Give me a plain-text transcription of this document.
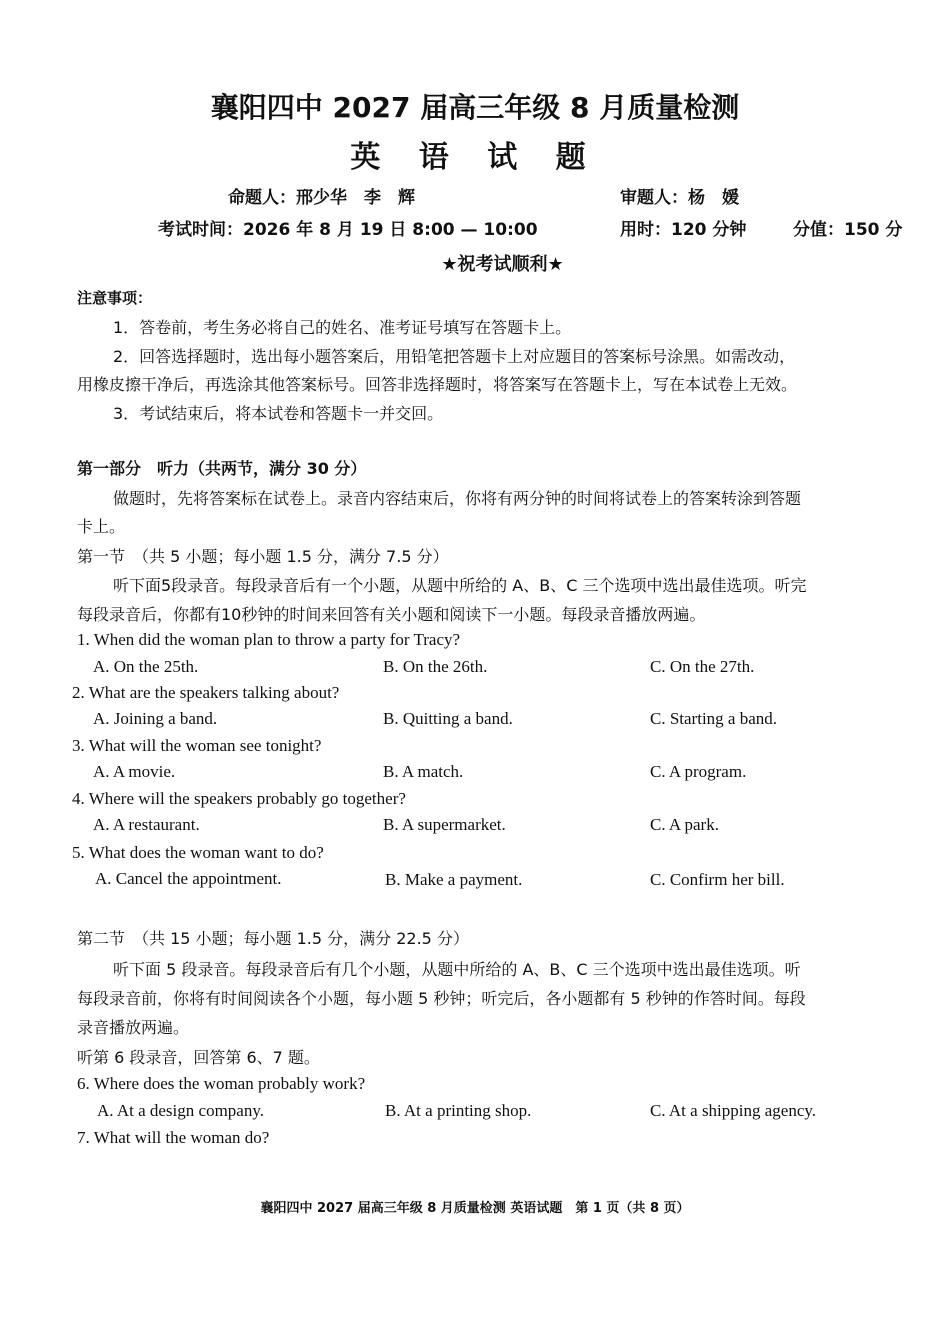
襄阳四中 2027 届高三年级 8 月质量检测
英 语 试 题
命题人：邢少华　李　辉	审题人：杨　媛
考试时间：2026 年 8 月 19 日 8:00 — 10:00	用时：120 分钟	分值：150 分
★祝考试顺利★
注意事项：
1．答卷前，考生务必将自己的姓名、准考证号填写在答题卡上。
2．回答选择题时，选出每小题答案后，用铅笔把答题卡上对应题目的答案标号涂黑。如需改动，
用橡皮擦干净后，再选涂其他答案标号。回答非选择题时，将答案写在答题卡上，写在本试卷上无效。
3．考试结束后，将本试卷和答题卡一并交回。
第一部分　听力（共两节，满分 30 分）
做题时，先将答案标在试卷上。录音内容结束后，你将有两分钟的时间将试卷上的答案转涂到答题
卡上。
第一节　（共 5 小题；每小题 1.5 分，满分 7.5 分）
听下面5段录音。每段录音后有一个小题，从题中所给的 A、B、C 三个选项中选出最佳选项。听完
每段录音后，你都有10秒钟的时间来回答有关小题和阅读下一小题。每段录音播放两遍。
1. When did the woman plan to throw a party for Tracy?
A. On the 25th.	B. On the 26th.	C. On the 27th.
2. What are the speakers talking about?
A. Joining a band.	B. Quitting a band.	C. Starting a band.
3. What will the woman see tonight?
A. A movie.	B. A match.	C. A program.
4. Where will the speakers probably go together?
A. A restaurant.	B. A supermarket.	C. A park.
5. What does the woman want to do?
A. Cancel the appointment.	B. Make a payment.	C. Confirm her bill.
第二节　（共 15 小题；每小题 1.5 分，满分 22.5 分）
听下面 5 段录音。每段录音后有几个小题，从题中所给的 A、B、C 三个选项中选出最佳选项。听
每段录音前，你将有时间阅读各个小题，每小题 5 秒钟；听完后，各小题都有 5 秒钟的作答时间。每段
录音播放两遍。
听第 6 段录音，回答第 6、7 题。
6. Where does the woman probably work?
A. At a design company.	B. At a printing shop.	C. At a shipping agency.
7. What will the woman do?
襄阳四中 2027 届高三年级 8 月质量检测 英语试题　第 1 页（共 8 页）
